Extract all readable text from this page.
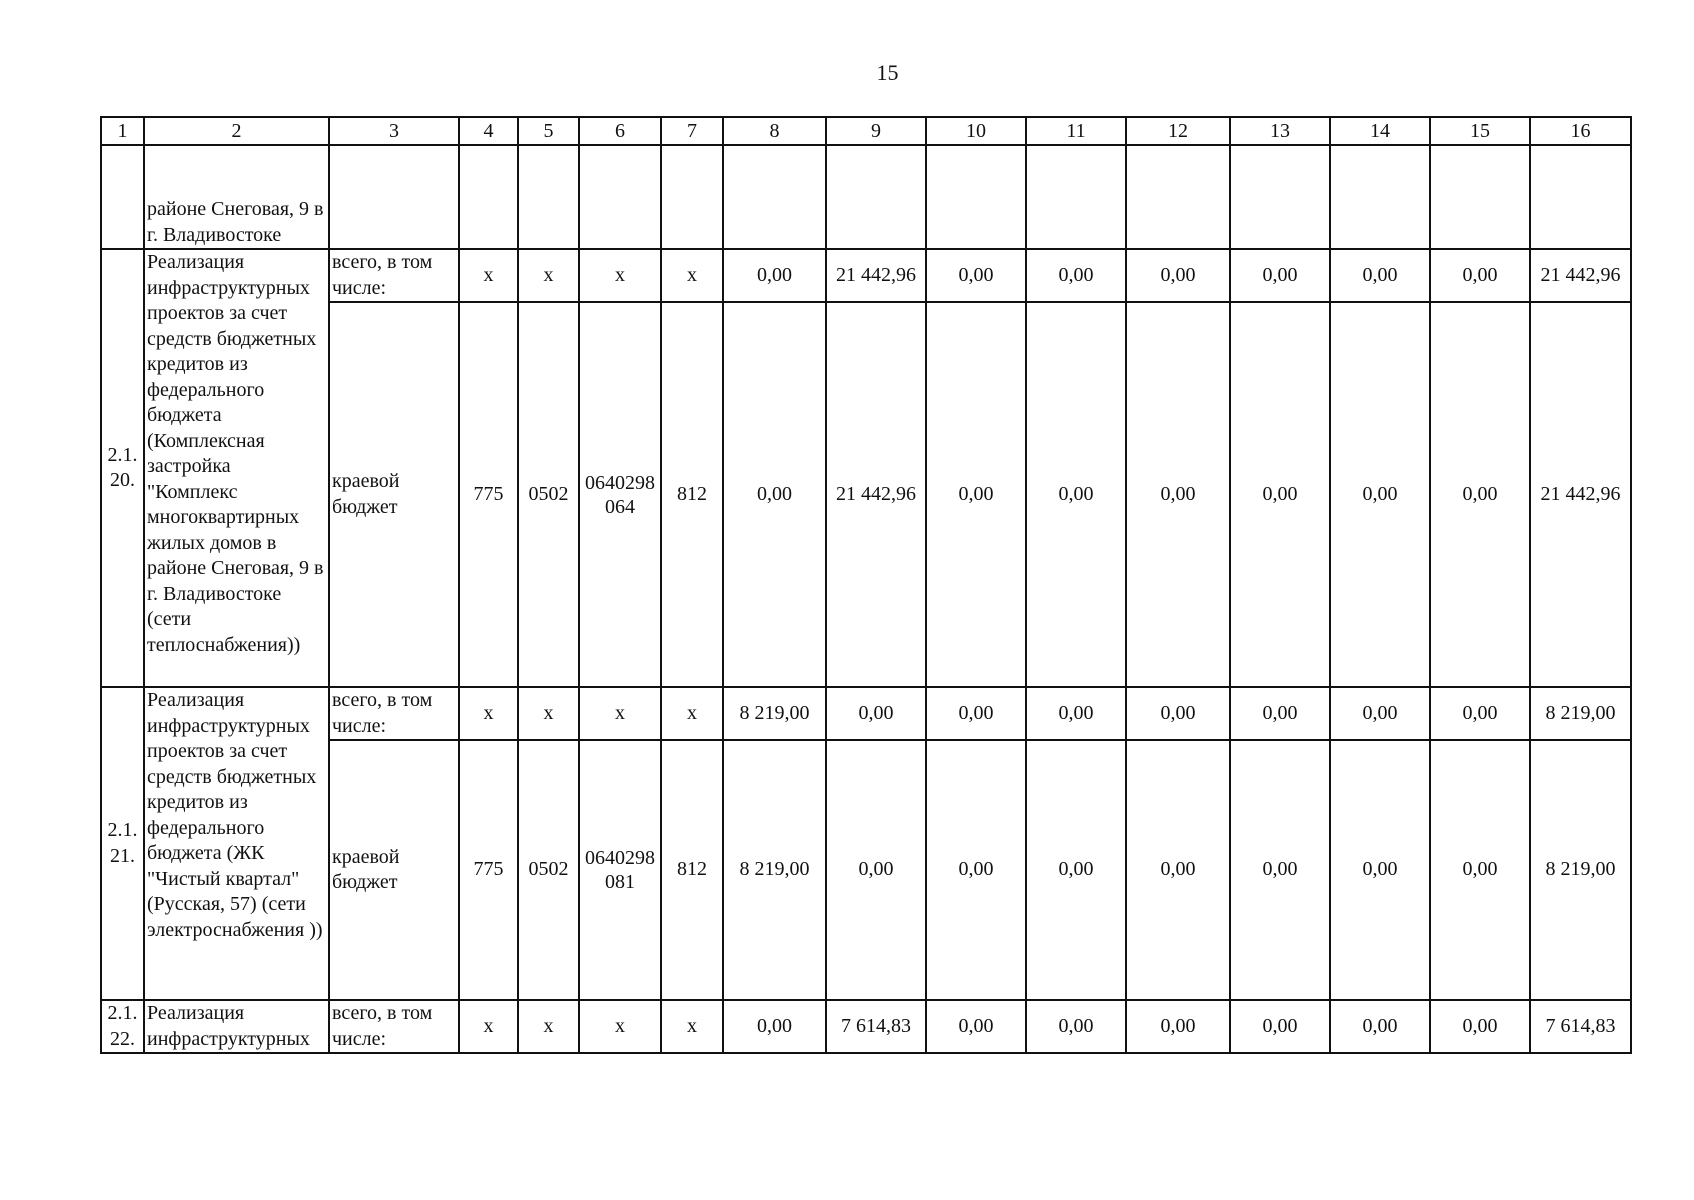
15
1	2	3	4	5	6	7	8	9	10	11	12	13	14	15	16
	районе Снеговая, 9 в г. Владивостоке														
2.1. 20.	Реализация инфраструктурных проектов за счет средств бюджетных кредитов из федерального бюджета (Комплексная застройка "Комплекс многоквартирных жилых домов в районе Снеговая, 9 в г. Владивостоке (сети теплоснабжения))	всего, в том числе:	х	х	х	х	0,00	21 442,96	0,00	0,00	0,00	0,00	0,00	0,00	21 442,96
		краевой бюджет	775	0502	0640298 064	812	0,00	21 442,96	0,00	0,00	0,00	0,00	0,00	0,00	21 442,96
2.1. 21.	Реализация инфраструктурных проектов за счет средств бюджетных кредитов из федерального бюджета (ЖК "Чистый квартал" (Русская, 57) (сети электроснабжения ))	всего, в том числе:	х	х	х	х	8 219,00	0,00	0,00	0,00	0,00	0,00	0,00	0,00	8 219,00
		краевой бюджет	775	0502	0640298 081	812	8 219,00	0,00	0,00	0,00	0,00	0,00	0,00	0,00	8 219,00
2.1. 22.	Реализация инфраструктурных	всего, в том числе:	х	х	х	х	0,00	7 614,83	0,00	0,00	0,00	0,00	0,00	0,00	7 614,83
